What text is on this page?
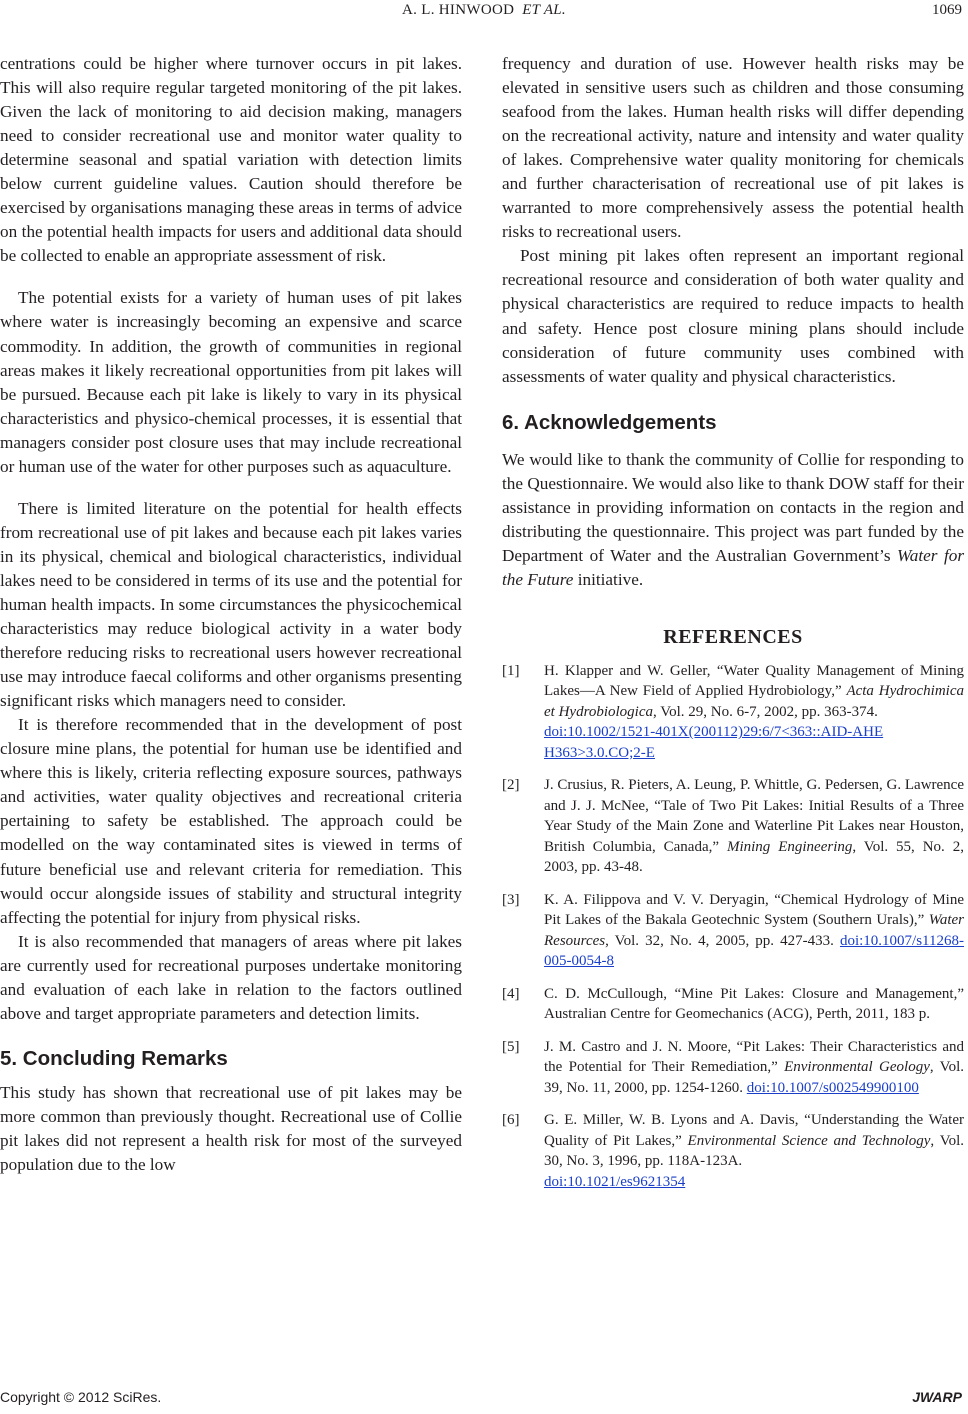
A. L. HINWOOD ET AL.	1069

centrations could be higher where turnover occurs in pit lakes. This will also require regular targeted monitoring of the pit lakes. Given the lack of monitoring to aid decision making, managers need to consider recreational use and monitor water quality to determine seasonal and spatial variation with detection limits below current guideline values. Caution should therefore be exercised by organisations managing these areas in terms of advice on the potential health impacts for users and additional data should be collected to enable an appropriate assessment of risk.

The potential exists for a variety of human uses of pit lakes where water is increasingly becoming an expensive and scarce commodity. In addition, the growth of communities in regional areas makes it likely recreational opportunities from pit lakes will be pursued. Because each pit lake is likely to vary in its physical characteristics and physico-chemical processes, it is essential that managers consider post closure uses that may include recreational or human use of the water for other purposes such as aquaculture.

There is limited literature on the potential for health effects from recreational use of pit lakes and because each pit lakes varies in its physical, chemical and biological characteristics, individual lakes need to be considered in terms of its use and the potential for human health impacts. In some circumstances the physicochemical characteristics may reduce biological activity in a water body therefore reducing risks to recreational users however recreational use may introduce faecal coliforms and other organisms presenting significant risks which managers need to consider.

It is therefore recommended that in the development of post closure mine plans, the potential for human use be identified and where this is likely, criteria reflecting exposure sources, pathways and activities, water quality objectives and recreational criteria pertaining to safety be established. The approach could be modelled on the way contaminated sites is viewed in terms of future beneficial use and relevant criteria for remediation. This would occur alongside issues of stability and structural integrity affecting the potential for injury from physical risks.

It is also recommended that managers of areas where pit lakes are currently used for recreational purposes undertake monitoring and evaluation of each lake in relation to the factors outlined above and target appropriate parameters and detection limits.

5. Concluding Remarks

This study has shown that recreational use of pit lakes may be more common than previously thought. Recreational use of Collie pit lakes did not represent a health risk for most of the surveyed population due to the low

frequency and duration of use. However health risks may be elevated in sensitive users such as children and those consuming seafood from the lakes. Human health risks will differ depending on the recreational activity, nature and intensity and water quality of lakes. Comprehensive water quality monitoring for chemicals and further characterisation of recreational use of pit lakes is warranted to more comprehensively assess the potential health risks to recreational users.

Post mining pit lakes often represent an important regional recreational resource and consideration of both water quality and physical characteristics are required to reduce impacts to health and safety. Hence post closure mining plans should include consideration of future community uses combined with assessments of water quality and physical characteristics.

6. Acknowledgements

We would like to thank the community of Collie for responding to the Questionnaire. We would also like to thank DOW staff for their assistance in providing information on contacts in the region and distributing the questionnaire. This project was part funded by the Department of Water and the Australian Government’s Water for the Future initiative.

REFERENCES
[1]	H. Klapper and W. Geller, “Water Quality Management of Mining Lakes—A New Field of Applied Hydrobiology,” Acta Hydrochimica et Hydrobiologica, Vol. 29, No. 6-7, 2002, pp. 363-374.
doi:10.1002/1521-401X(200112)29:6/7<363::AID-AHE H363>3.0.CO;2-E
[2]	J. Crusius, R. Pieters, A. Leung, P. Whittle, G. Pedersen, G. Lawrence and J. J. McNee, “Tale of Two Pit Lakes: Initial Results of a Three Year Study of the Main Zone and Waterline Pit Lakes near Houston, British Columbia, Canada,” Mining Engineering, Vol. 55, No. 2, 2003, pp. 43-48.
[3]	K. A. Filippova and V. V. Deryagin, “Chemical Hydrology of Mine Pit Lakes of the Bakala Geotechnic System (Southern Urals),” Water Resources, Vol. 32, No. 4, 2005, pp. 427-433. doi:10.1007/s11268-005-0054-8
[4]	C. D. McCullough, “Mine Pit Lakes: Closure and Management,” Australian Centre for Geomechanics (ACG), Perth, 2011, 183 p.
[5]	J. M. Castro and J. N. Moore, “Pit Lakes: Their Characteristics and the Potential for Their Remediation,” Environmental Geology, Vol. 39, No. 11, 2000, pp. 1254-1260. doi:10.1007/s002549900100
[6]	G. E. Miller, W. B. Lyons and A. Davis, “Understanding the Water Quality of Pit Lakes,” Environmental Science and Technology, Vol. 30, No. 3, 1996, pp. 118A-123A.
doi:10.1021/es9621354
Copyright © 2012 SciRes.	JWARP
